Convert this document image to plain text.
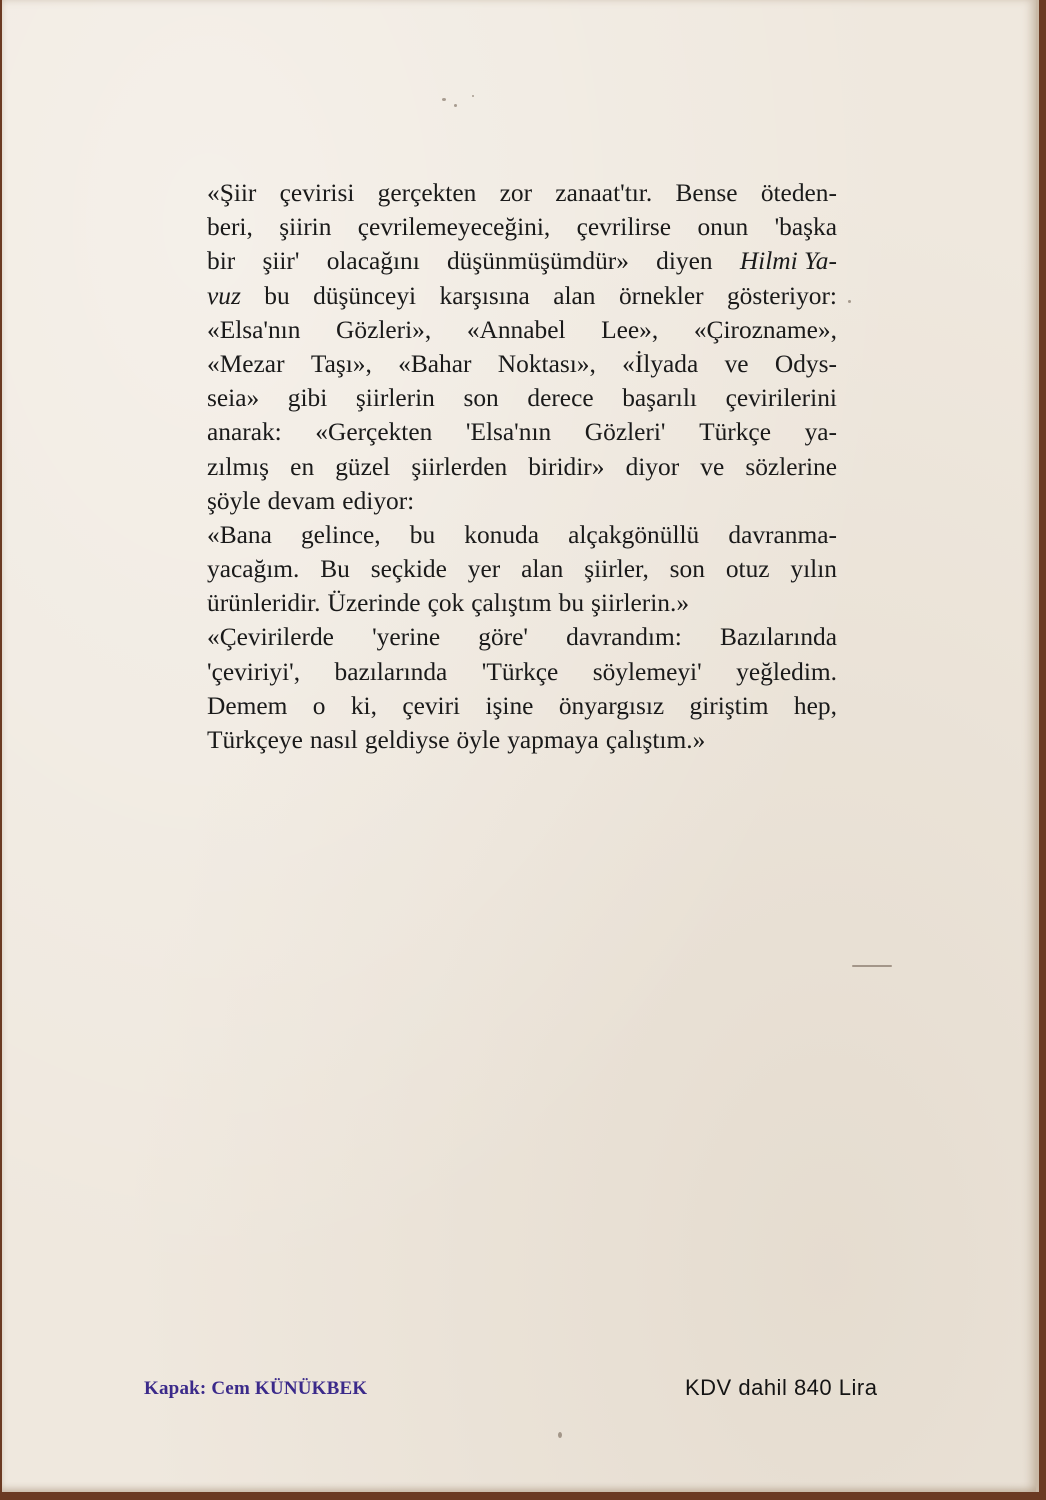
«Şiir çevirisi gerçekten zor zanaat'tır. Bense öteden-
beri, şiirin çevrilemeyeceğini, çevrilirse onun 'başka
bir şiir' olacağını düşünmüşümdür» diyen Hilmi Ya-
vuz bu düşünceyi karşısına alan örnekler gösteriyor:
«Elsa'nın Gözleri», «Annabel Lee», «Çirozname»,
«Mezar Taşı», «Bahar Noktası», «İlyada ve Odys-
seia» gibi şiirlerin son derece başarılı çevirilerini
anarak: «Gerçekten 'Elsa'nın Gözleri' Türkçe ya-
zılmış en güzel şiirlerden biridir» diyor ve sözlerine
şöyle devam ediyor:
«Bana gelince, bu konuda alçakgönüllü davranma-
yacağım. Bu seçkide yer alan şiirler, son otuz yılın
ürünleridir. Üzerinde çok çalıştım bu şiirlerin.»
«Çevirilerde 'yerine göre' davrandım: Bazılarında
'çeviriyi', bazılarında 'Türkçe söylemeyi' yeğledim.
Demem o ki, çeviri işine önyargısız giriştim hep,
Türkçeye nasıl geldiyse öyle yapmaya çalıştım.»
Kapak: Cem KÜNÜKBEK	KDV dahil 840 Lira
